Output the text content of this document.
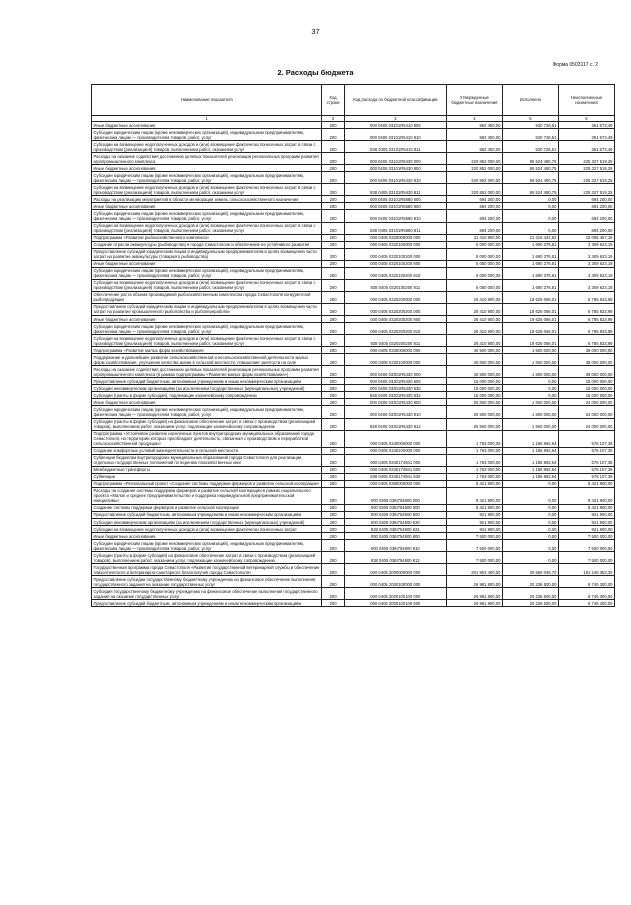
37
Форма 0503117 с. 2
2. Расходы бюджета
Наименование показателя	Код строки	Код расхода по бюджетной классификации	Утвержденные бюджетные назначения	Исполнено	Неисполненные назначения
1	2	3	4	5	6
Иные бюджетные ассигнования	200	000 0405 03101R5410 800	882 400,00	530 726,51	351 673,49
Субсидии юридическим лицам (кроме некоммерческих организаций), индивидуальным предпринимателям, физическим лицам — производителям товаров, работ, услуг	200	000 0405 03101R5410 810	882 400,00	530 726,51	351 673,49
Субсидии на возмещение недополученных доходов и (или) возмещение фактически понесенных затрат в связи с производством (реализацией) товаров, выполнением работ, оказанием услуг	200	838 0405 03101R5410 811	882 400,00	530 726,51	351 673,49
Расходы на оказание содействия достижению целевых показателей реализации региональных программ развития агропромышленного комплекса	200	000 0405 03101R5430 000	320 852 000,00	95 524 480,75	225 327 519,25
Иные бюджетные ассигнования	200	000 0405 03101R5430 800	320 852 000,00	95 524 480,75	225 327 519,25
Субсидии юридическим лицам (кроме некоммерческих организаций), индивидуальным предпринимателям, физическим лицам — производителям товаров, работ, услуг	200	000 0405 03101R5430 810	320 852 000,00	95 524 480,75	225 327 519,25
Субсидии на возмещение недополученных доходов и (или) возмещение фактически понесенных затрат в связи с производством (реализацией) товаров, выполнением работ, оказанием услуг	200	838 0405 03101R5430 811	320 852 000,00	95 524 480,75	225 327 519,25
Расходы на реализацию мероприятий в области мелиорации земель сельскохозяйственного назначения	200	000 0405 03101R5680 000	694 200,00	0,00	694 200,00
Иные бюджетные ассигнования	200	000 0405 03101R5680 800	694 200,00	0,00	694 200,00
Субсидии юридическим лицам (кроме некоммерческих организаций), индивидуальным предпринимателям, физическим лицам — производителям товаров, работ, услуг	200	000 0405 03101R5680 810	694 200,00	0,00	694 200,00
Субсидии на возмещение недополученных доходов и (или) возмещение фактически понесенных затрат в связи с производством (реализацией) товаров, выполнением работ, оказанием услуг	200	838 0405 03101R5680 811	694 200,00	0,00	694 200,00
Подпрограмма «Развитие рыбохозяйственного комплекса»	200	000 0405 0320000000 000	31 410 900,00	21 315 442,82	10 095 457,18
Создание отрасли аквакультуры (рыбоводства) в городе Севастополе и обеспечение ее устойчивого развития	200	000 0405 0320100000 000	5 000 000,00	1 690 376,81	3 309 623,19
Предоставление субсидий юридическим лицам и индивидуальным предпринимателям в целях возмещения части затрат на развитие аквакультуры (товарного рыбоводства)	200	000 0405 0320100200 000	5 000 000,00	1 690 376,81	3 309 623,19
Иные бюджетные ассигнования	200	000 0405 0320100200 800	5 000 000,00	1 690 376,81	3 309 623,19
Субсидии юридическим лицам (кроме некоммерческих организаций), индивидуальным предпринимателям, физическим лицам — производителям товаров, работ, услуг	200	000 0405 0320100200 810	5 000 000,00	1 690 376,81	3 309 623,19
Субсидии на возмещение недополученных доходов и (или) возмещение фактически понесенных затрат в связи с производством (реализацией) товаров, выполнением работ, оказанием услуг	200	838 0405 0320100200 811	5 000 000,00	1 690 376,81	3 309 623,19
Обеспечение роста объема производимой рыбохозяйственным комплексом города Севастополя конкурентной рыбопродукции	200	000 0405 0320200000 000	26 410 900,00	19 625 066,01	6 785 833,99
Предоставление субсидий юридическим лицам и индивидуальным предпринимателям в целях возмещения части затрат на развитие промышленного рыболовства и рыбопереработки	200	000 0405 0320200200 000	26 410 900,00	19 625 066,01	6 785 833,99
Иные бюджетные ассигнования	200	000 0405 0320200200 800	26 410 900,00	19 625 066,01	6 785 833,99
Субсидии юридическим лицам (кроме некоммерческих организаций), индивидуальным предпринимателям, физическим лицам — производителям товаров, работ, услуг	200	000 0405 0320200200 810	26 410 900,00	19 625 066,01	6 785 833,99
Субсидии на возмещение недополученных доходов и (или) возмещение фактически понесенных затрат в связи с производством (реализацией) товаров, выполнением работ, оказанием услуг	200	838 0405 0320200200 811	26 410 900,00	19 625 066,01	6 785 833,99
Подпрограмма «Развитие малых форм хозяйствования»	200	000 0405 0330000000 000	40 500 000,00	1 500 000,00	39 000 000,00
Поддержание и дальнейшее развитие сельскохозяйственной и несельскохозяйственной деятельности малых форм хозяйствования, улучшение качества жизни в сельской местности, повышение занятости на селе	200	000 0405 0330100000 000	40 500 000,00	1 500 000,00	39 000 000,00
Расходы на оказание содействия достижению целевых показателей реализации региональных программ развития агропромышленного комплекса (в рамках подпрограммы «Развитие малых форм хозяйствования»)	200	000 0405 03301R5430 000	40 500 000,00	1 500 000,00	39 000 000,00
Предоставление субсидий бюджетным, автономным учреждениям и иным некоммерческим организациям	200	000 0405 03301R5430 600	15 000 000,00	0,00	15 000 000,00
Субсидии некоммерческим организациям (за исключением государственных (муниципальных) учреждений)	200	000 0405 03301R5430 630	15 000 000,00	0,00	15 000 000,00
Субсидии (гранты в форме субсидий), подлежащие казначейскому сопровождению	200	838 0405 03301R5430 632	15 000 000,00	0,00	15 000 000,00
Иные бюджетные ассигнования	200	000 0405 03301R5430 800	25 500 000,00	1 500 000,00	24 000 000,00
Субсидии юридическим лицам (кроме некоммерческих организаций), индивидуальным предпринимателям, физическим лицам — производителям товаров, работ, услуг	200	000 0405 03301R5430 810	25 500 000,00	1 500 000,00	24 000 000,00
Субсидии (гранты в форме субсидий) на финансовое обеспечение затрат в связи с производством (реализацией товаров), выполнением работ, оказанием услуг, подлежащие казначейскому сопровождению	200	838 0405 03301R5430 812	25 500 000,00	1 500 000,00	24 000 000,00
Подпрограмма «Устойчивое развитие населенных пунктов внутригородских муниципальных образований города Севастополя, на территории которых преобладает деятельность, связанная с производством и переработкой сельскохозяйственной продукции»	200	000 0405 0340000000 000	1 763 000,00	1 186 892,64	576 107,36
Создание комфортных условий жизнедеятельности в сельской местности	200	000 0405 0340100000 000	1 763 000,00	1 186 892,64	576 107,36
Субвенции бюджетам внутригородских муниципальных образований города Севастополя для реализации отдельных государственных полномочий по ведению похозяйственных книг	200	000 0405 0340174941 000	1 763 000,00	1 186 892,64	576 107,36
Межбюджетные трансферты	200	000 0405 0340174941 500	1 763 000,00	1 186 892,64	576 107,36
Субвенции	200	838 0405 0340174941 530	1 763 000,00	1 186 892,64	576 107,36
Подпрограмма «Региональный проект «Создание системы поддержки фермеров и развитие сельской кооперации»	200	000 0405 0360000000 000	8 421 900,00	0,00	8 421 900,00
Расходы на создание системы поддержки фермеров и развитие сельской кооперации в рамках национального проекта «Малое и среднее предпринимательство и поддержка индивидуальной предпринимательской инициативы»	200	000 0405 036I754800 000	8 421 900,00	0,00	8 421 900,00
Создание системы поддержки фермеров и развитие сельской кооперации	200	000 0405 036I754800 000	8 421 900,00	0,00	8 421 900,00
Предоставление субсидий бюджетным, автономным учреждениям и иным некоммерческим организациям	200	000 0405 036I754800 600	921 900,00	0,00	921 900,00
Субсидии некоммерческим организациям (за исключением государственных (муниципальных) учреждений)	200	000 0405 036I754800 630	921 900,00	0,00	921 900,00
Субсидии на возмещение недополученных доходов и (или) возмещение фактически понесенных затрат	200	838 0405 036I754800 631	921 900,00	0,00	921 900,00
Иные бюджетные ассигнования	200	000 0405 036I754800 800	7 500 000,00	0,00	7 500 000,00
Субсидии юридическим лицам (кроме некоммерческих организаций), индивидуальным предпринимателям, физическим лицам — производителям товаров, работ, услуг	200	000 0405 036I754800 810	7 500 000,00	0,00	7 500 000,00
Субсидии (гранты в форме субсидий) на финансовое обеспечение затрат в связи с производством (реализацией товаров), выполнением работ, оказанием услуг, подлежащие казначейскому сопровождению	200	838 0405 036I754800 812	7 500 000,00	0,00	7 500 000,00
Государственная программа города Севастополя «Развитие государственной ветеринарной службы и обеспечение эпизоотического и ветеринарно-санитарного благополучия города Севастополя»	200	000 0405 2000000000 000	201 903 400,00	20 658 048,70	181 245 353,30
Предоставление субсидии государственному бюджетному учреждению на финансовое обеспечение выполнения государственного задания на оказание государственных услуг	200	000 0405 2000100000 000	26 981 800,00	20 236 500,00	6 745 300,00
Субсидия государственному бюджетному учреждению на финансовое обеспечение выполнения государственного задания на оказание государственных услуг	200	000 0405 2000100100 000	26 981 800,00	20 236 500,00	6 745 300,00
Предоставление субсидий бюджетным, автономным учреждениям и иным некоммерческим организациям	200	000 0405 2000100100 600	26 981 800,00	20 236 500,00	6 745 300,00
